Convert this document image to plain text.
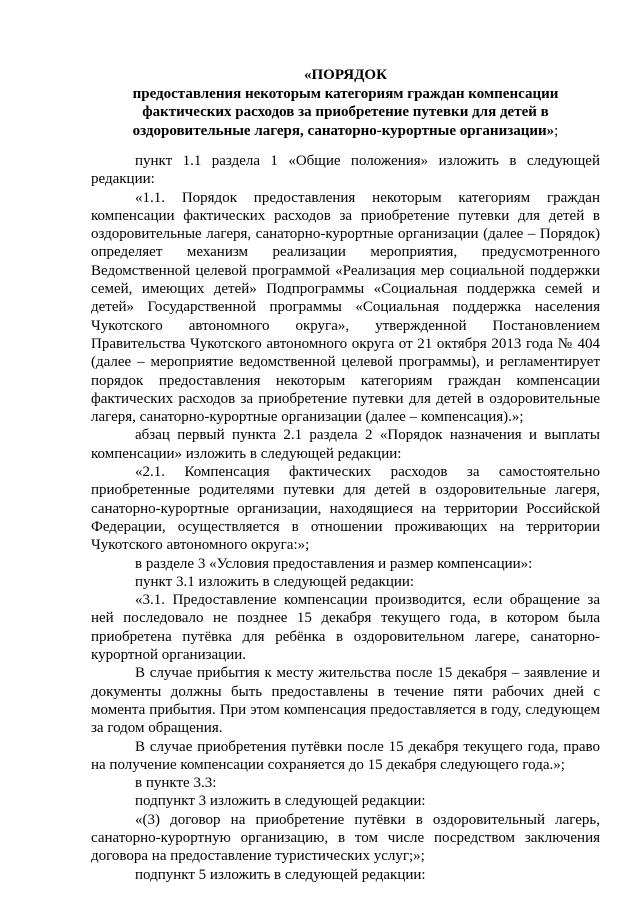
«ПОРЯДОК
предоставления некоторым категориям граждан компенсации
фактических расходов за приобретение путевки для детей в
оздоровительные лагеря, санаторно-курортные организации»;

пункт 1.1 раздела 1 «Общие положения» изложить в следующей редакции:

«1.1. Порядок предоставления некоторым категориям граждан компенсации фактических расходов за приобретение путевки для детей в оздоровительные лагеря, санаторно-курортные организации (далее – Порядок) определяет механизм реализации мероприятия, предусмотренного Ведомственной целевой программой «Реализация мер социальной поддержки семей, имеющих детей» Подпрограммы «Социальная поддержка семей и детей» Государственной программы «Социальная поддержка населения Чукотского автономного округа», утвержденной Постановлением Правительства Чукотского автономного округа от 21 октября 2013 года № 404 (далее – мероприятие ведомственной целевой программы), и регламентирует порядок предоставления некоторым категориям граждан компенсации фактических расходов за приобретение путевки для детей в оздоровительные лагеря, санаторно-курортные организации (далее – компенсация).»;

абзац первый пункта 2.1 раздела 2 «Порядок назначения и выплаты компенсации» изложить в следующей редакции:

«2.1. Компенсация фактических расходов за самостоятельно приобретенные родителями путевки для детей в оздоровительные лагеря, санаторно-курортные организации, находящиеся на территории Российской Федерации, осуществляется в отношении проживающих на территории Чукотского автономного округа:»;

в разделе 3 «Условия предоставления и размер компенсации»:

пункт 3.1 изложить в следующей редакции:

«3.1. Предоставление компенсации производится, если обращение за ней последовало не позднее 15 декабря текущего года, в котором была приобретена путёвка для ребёнка в оздоровительном лагере, санаторно-курортной организации.

В случае прибытия к месту жительства после 15 декабря – заявление и документы должны быть предоставлены в течение пяти рабочих дней с момента прибытия. При этом компенсация предоставляется в году, следующем за годом обращения.

В случае приобретения путёвки после 15 декабря текущего года, право на получение компенсации сохраняется до 15 декабря следующего года.»;

в пункте 3.3:

подпункт 3 изложить в следующей редакции:

«(3) договор на приобретение путёвки в оздоровительный лагерь, санаторно-курортную организацию, в том числе посредством заключения договора на предоставление туристических услуг;»;

подпункт 5 изложить в следующей редакции:
